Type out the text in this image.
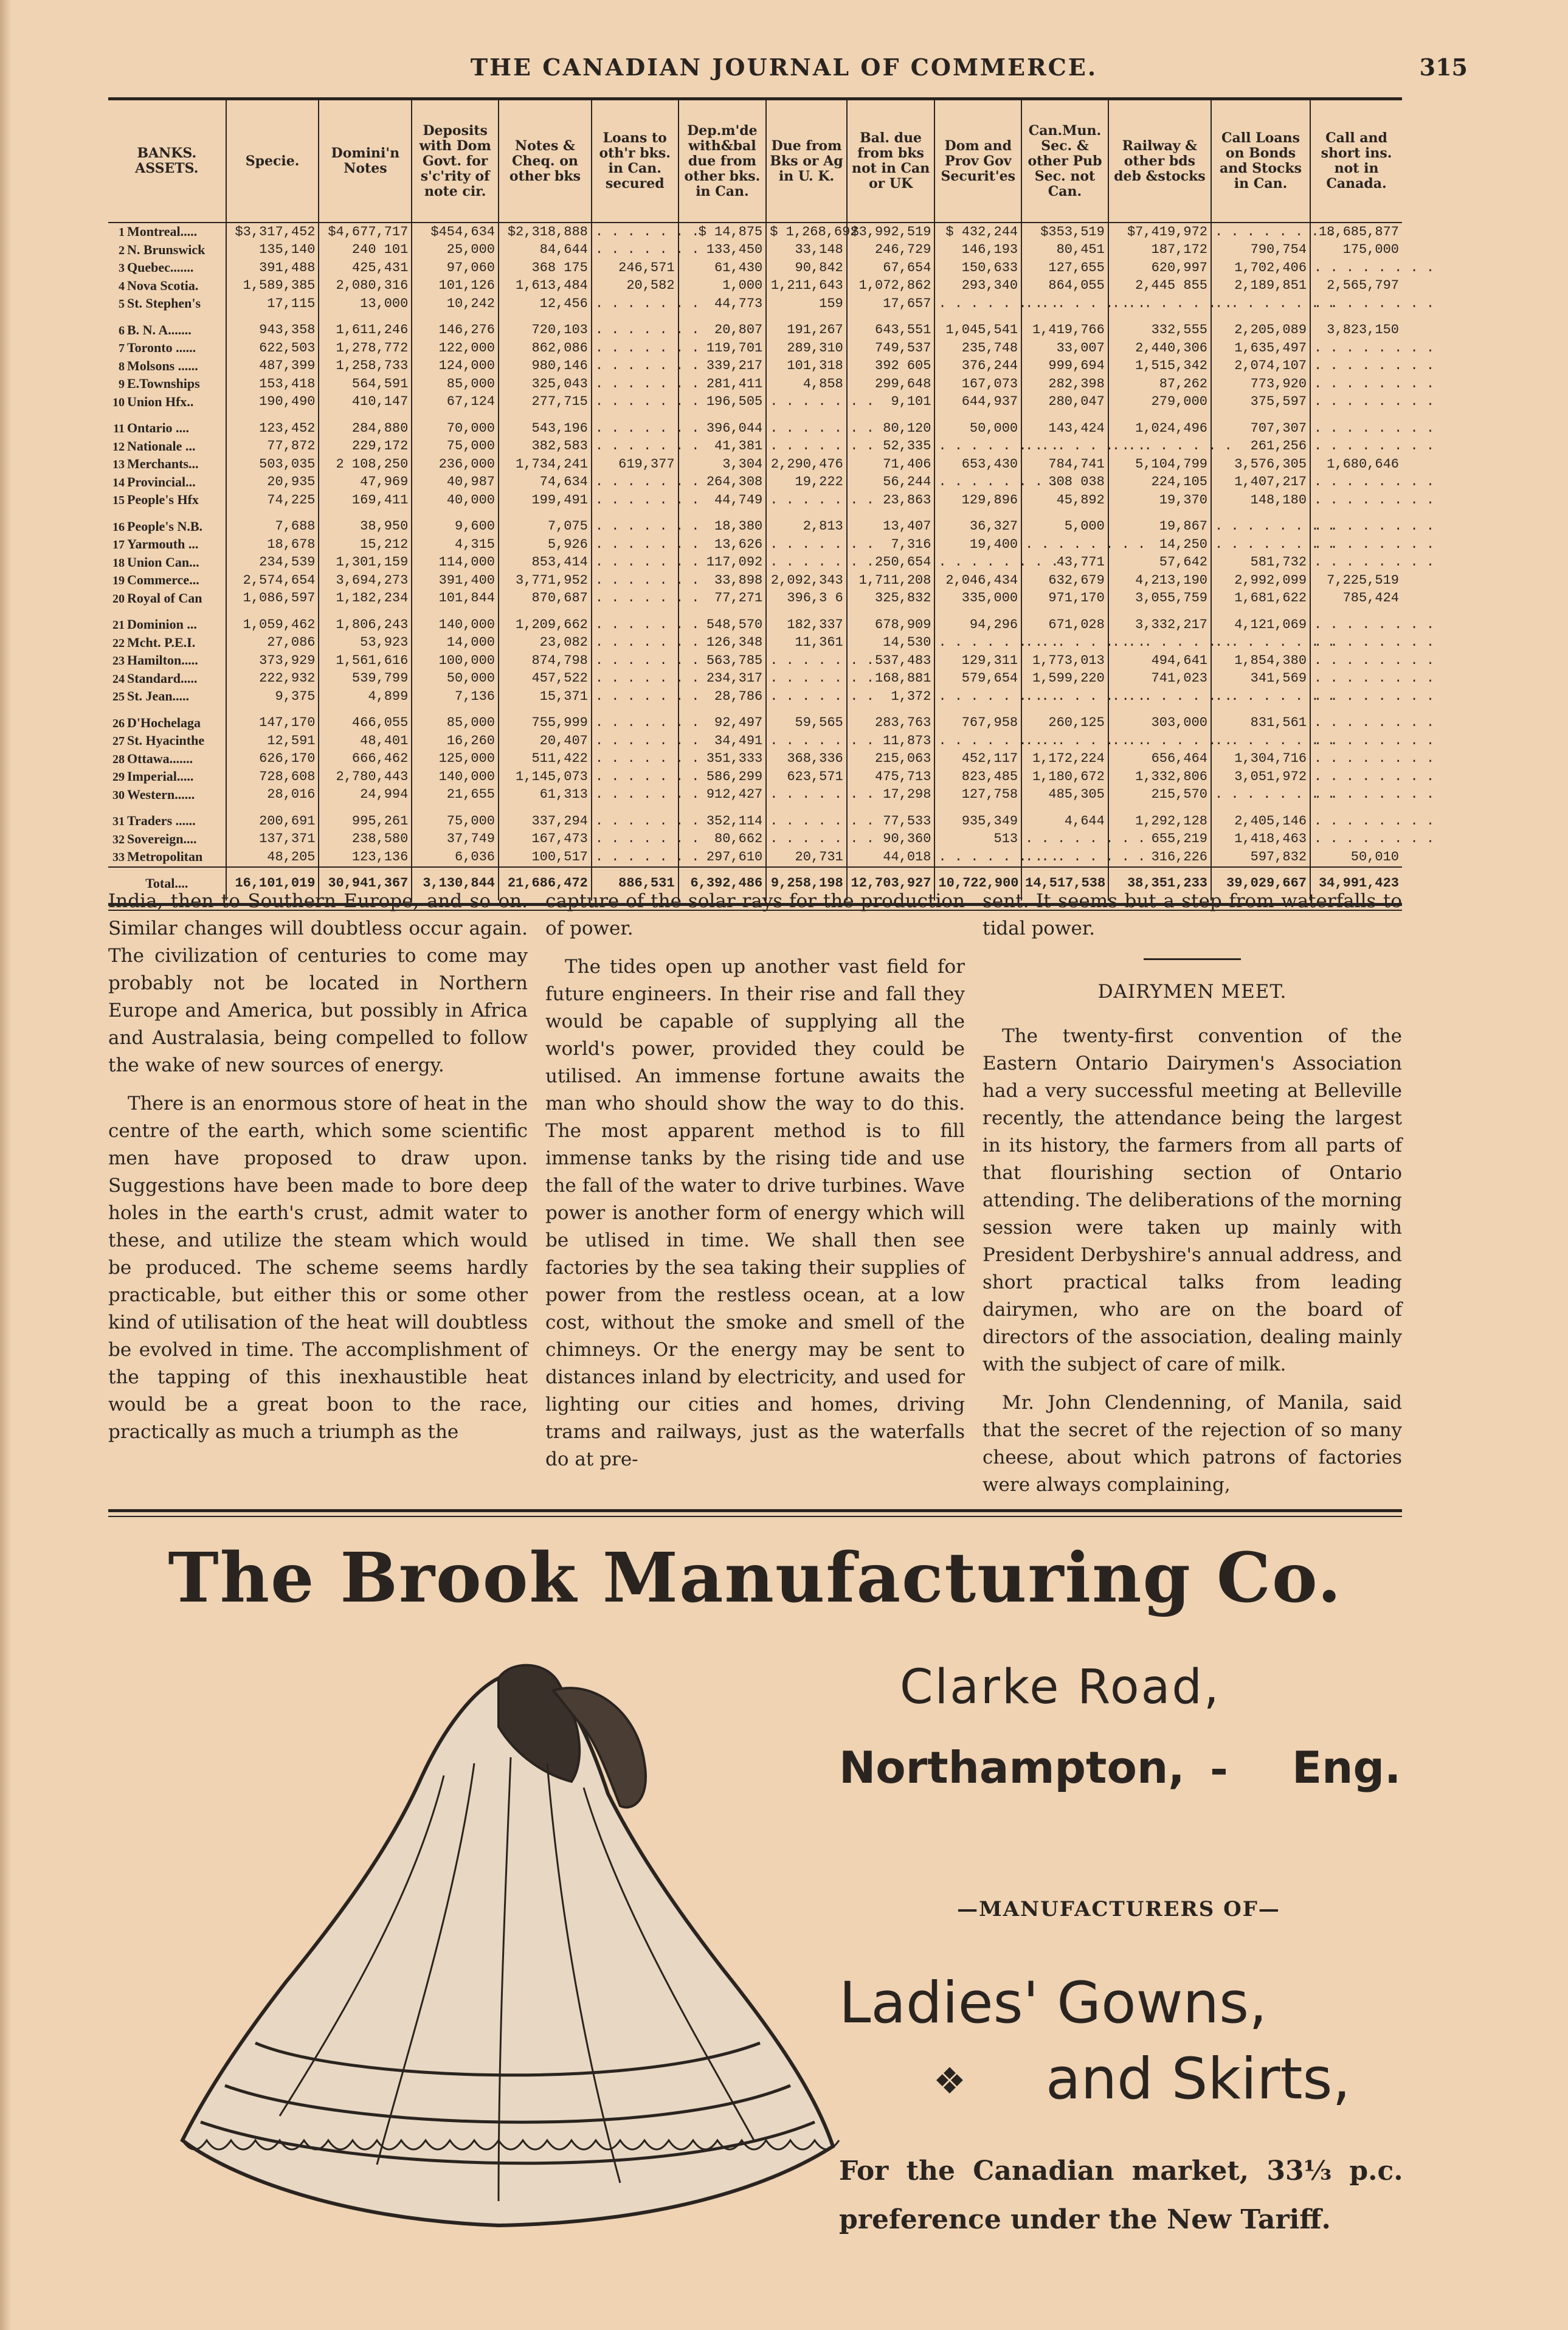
THE CANADIAN JOURNAL OF COMMERCE.	315
BANKS. ASSETS.	Specie.	Domini'n Notes	Deposits with Dom Govt. for s'c'rity of note cir.	Notes & Cheq. on other bks	Loans to oth'r bks. in Can. secured	Dep.m'de with&bal due from other bks. in Can.	Due from Bks or Ag in U. K.	Bal. due from bks not in Can or UK	Dom and Prov Gov Securit'es	Can.Mun. Sec. & other Pub Sec. not Can.	Railway & other bds deb &stocks	Call Loans on Bonds and Stocks in Can.	Call and short ins. not in Canada.
1 Montreal.....	$3,317,452	$4,677,717	$454,634	$2,318,888	. . . . . . .	$ 14,875	$ 1,268,692	$3,992,519	$ 432,244	$353,519	$7,419,972	. . . . . . . .	18,685,877
2 N. Brunswick	135,140	240 101	25,000	84,644	. . . . . . .	133,450	33,148	246,729	146,193	80,451	187,172	790,754	175,000
3 Quebec.......	391,488	425,431	97,060	368 175	246,571	61,430	90,842	67,654	150,633	127,655	620,997	1,702,406	. . . . . . . .
4 Nova Scotia.	1,589,385	2,080,316	101,126	1,613,484	20,582	1,000	1,211,643	1,072,862	293,340	864,055	2,445 855	2,189,851	2,565,797
5 St. Stephen's	17,115	13,000	10,242	12,456	. . . . . . .	44,773	159	17,657	. . . . . . . .	. . . . . . . .	. . . . . . . .	. . . . . . . .	. . . . . . . .
6 B. N. A.......	943,358	1,611,246	146,276	720,103	. . . . . . .	20,807	191,267	643,551	1,045,541	1,419,766	332,555	2,205,089	3,823,150
7 Toronto ......	622,503	1,278,772	122,000	862,086	. . . . . . .	119,701	289,310	749,537	235,748	33,007	2,440,306	1,635,497	. . . . . . . .
8 Molsons ......	487,399	1,258,733	124,000	980,146	. . . . . . .	339,217	101,318	392 605	376,244	999,694	1,515,342	2,074,107	. . . . . . . .
9 E.Townships	153,418	564,591	85,000	325,043	. . . . . . .	281,411	4,858	299,648	167,073	282,398	87,262	773,920	. . . . . . . .
10 Union Hfx..	190,490	410,147	67,124	277,715	. . . . . . .	196,505	. . . . . . .	9,101	644,937	280,047	279,000	375,597	. . . . . . . .
11 Ontario ....	123,452	284,880	70,000	543,196	. . . . . . .	396,044	. . . . . . .	80,120	50,000	143,424	1,024,496	707,307	. . . . . . . .
12 Nationale ...	77,872	229,172	75,000	382,583	. . . . . . .	41,381	. . . . . . .	52,335	. . . . . . . .	. . . . . . . .	. . . . . . . .	261,256	. . . . . . . .
13 Merchants...	503,035	2 108,250	236,000	1,734,241	619,377	3,304	2,290,476	71,406	653,430	784,741	5,104,799	3,576,305	1,680,646
14 Provincial...	20,935	47,969	40,987	74,634	. . . . . . .	264,308	19,222	56,244	. . . . . . . .	308 038	224,105	1,407,217	. . . . . . . .
15 People's Hfx	74,225	169,411	40,000	199,491	. . . . . . .	44,749	. . . . . . .	23,863	129,896	45,892	19,370	148,180	. . . . . . . .
16 People's N.B.	7,688	38,950	9,600	7,075	. . . . . . .	18,380	2,813	13,407	36,327	5,000	19,867	. . . . . . . .	. . . . . . . .
17 Yarmouth ...	18,678	15,212	4,315	5,926	. . . . . . .	13,626	. . . . . . .	7,316	19,400	. . . . . . . .	14,250	. . . . . . . .	. . . . . . . .
18 Union Can...	234,539	1,301,159	114,000	853,414	. . . . . . .	117,092	. . . . . . .	250,654	. . . . . . . .	43,771	57,642	581,732	. . . . . . . .
19 Commerce...	2,574,654	3,694,273	391,400	3,771,952	. . . . . . .	33,898	2,092,343	1,711,208	2,046,434	632,679	4,213,190	2,992,099	7,225,519
20 Royal of Can	1,086,597	1,182,234	101,844	870,687	. . . . . . .	77,271	396,3 6	325,832	335,000	971,170	3,055,759	1,681,622	785,424
21 Dominion ...	1,059,462	1,806,243	140,000	1,209,662	. . . . . . .	548,570	182,337	678,909	94,296	671,028	3,332,217	4,121,069	. . . . . . . .
22 Mcht. P.E.I.	27,086	53,923	14,000	23,082	. . . . . . .	126,348	11,361	14,530	. . . . . . . .	. . . . . . . .	. . . . . . . .	. . . . . . . .	. . . . . . . .
23 Hamilton.....	373,929	1,561,616	100,000	874,798	. . . . . . .	563,785	. . . . . . .	537,483	129,311	1,773,013	494,641	1,854,380	. . . . . . . .
24 Standard.....	222,932	539,799	50,000	457,522	. . . . . . .	234,317	. . . . . . .	168,881	579,654	1,599,220	741,023	341,569	. . . . . . . .
25 St. Jean.....	9,375	4,899	7,136	15,371	. . . . . . .	28,786	. . . . . . .	1,372	. . . . . . . .	. . . . . . . .	. . . . . . . .	. . . . . . . .	. . . . . . . .
26 D'Hochelaga	147,170	466,055	85,000	755,999	. . . . . . .	92,497	59,565	283,763	767,958	260,125	303,000	831,561	. . . . . . . .
27 St. Hyacinthe	12,591	48,401	16,260	20,407	. . . . . . .	34,491	. . . . . . .	11,873	. . . . . . . .	. . . . . . . .	. . . . . . . .	. . . . . . . .	. . . . . . . .
28 Ottawa.......	626,170	666,462	125,000	511,422	. . . . . . .	351,333	368,336	215,063	452,117	1,172,224	656,464	1,304,716	. . . . . . . .
29 Imperial.....	728,608	2,780,443	140,000	1,145,073	. . . . . . .	586,299	623,571	475,713	823,485	1,180,672	1,332,806	3,051,972	. . . . . . . .
30 Western......	28,016	24,994	21,655	61,313	. . . . . . .	912,427	. . . . . . .	17,298	127,758	485,305	215,570	. . . . . . . .	. . . . . . . .
31 Traders ......	200,691	995,261	75,000	337,294	. . . . . . .	352,114	. . . . . . .	77,533	935,349	4,644	1,292,128	2,405,146	. . . . . . . .
32 Sovereign....	137,371	238,580	37,749	167,473	. . . . . . .	80,662	. . . . . . .	90,360	513	. . . . . . . .	655,219	1,418,463	. . . . . . . .
33 Metropolitan	48,205	123,136	6,036	100,517	. . . . . . .	297,610	20,731	44,018	. . . . . . . .	. . . . . . . .	316,226	597,832	50,010
Total....	16,101,019	30,941,367	3,130,844	21,686,472	886,531	6,392,486	9,258,198	12,703,927	10,722,900	14,517,538	38,351,233	39,029,667	34,991,423

India, then to Southern Europe, and so on. Similar changes will doubtless occur again. The civilization of centuries to come may probably not be located in Northern Europe and America, but possibly in Africa and Australasia, being compelled to follow the wake of new sources of energy.

There is an enormous store of heat in the centre of the earth, which some scientific men have proposed to draw upon. Suggestions have been made to bore deep holes in the earth's crust, admit water to these, and utilize the steam which would be produced. The scheme seems hardly practicable, but either this or some other kind of utilisation of the heat will doubtless be evolved in time. The accomplishment of the tapping of this inexhaustible heat would be a great boon to the race, practically as much a triumph as the

capture of the solar rays for the production of power.

The tides open up another vast field for future engineers. In their rise and fall they would be capable of supplying all the world's power, provided they could be utilised. An immense fortune awaits the man who should show the way to do this. The most apparent method is to fill immense tanks by the rising tide and use the fall of the water to drive turbines. Wave power is another form of energy which will be utlised in time. We shall then see factories by the sea taking their supplies of power from the restless ocean, at a low cost, without the smoke and smell of the chimneys. Or the energy may be sent to distances inland by electricity, and used for lighting our cities and homes, driving trams and railways, just as the waterfalls do at pre-

sent. It seems but a step from waterfalls to tidal power.

DAIRYMEN MEET.

The twenty-first convention of the Eastern Ontario Dairymen's Association had a very successful meeting at Belleville recently, the attendance being the largest in its history, the farmers from all parts of that flourishing section of Ontario attending. The deliberations of the morning session were taken up mainly with President Derbyshire's annual address, and short practical talks from leading dairymen, who are on the board of directors of the association, dealing mainly with the subject of care of milk.

Mr. John Clendenning, of Manila, said that the secret of the rejection of so many cheese, about which patrons of factories were always complaining,

The Brook Manufacturing Co.
Clarke Road,
Northampton, - Eng.
—MANUFACTURERS OF—
Ladies' Gowns,
❖ and Skirts,
For the Canadian market, 33⅓ p.c.
preference under the New Tariff.
